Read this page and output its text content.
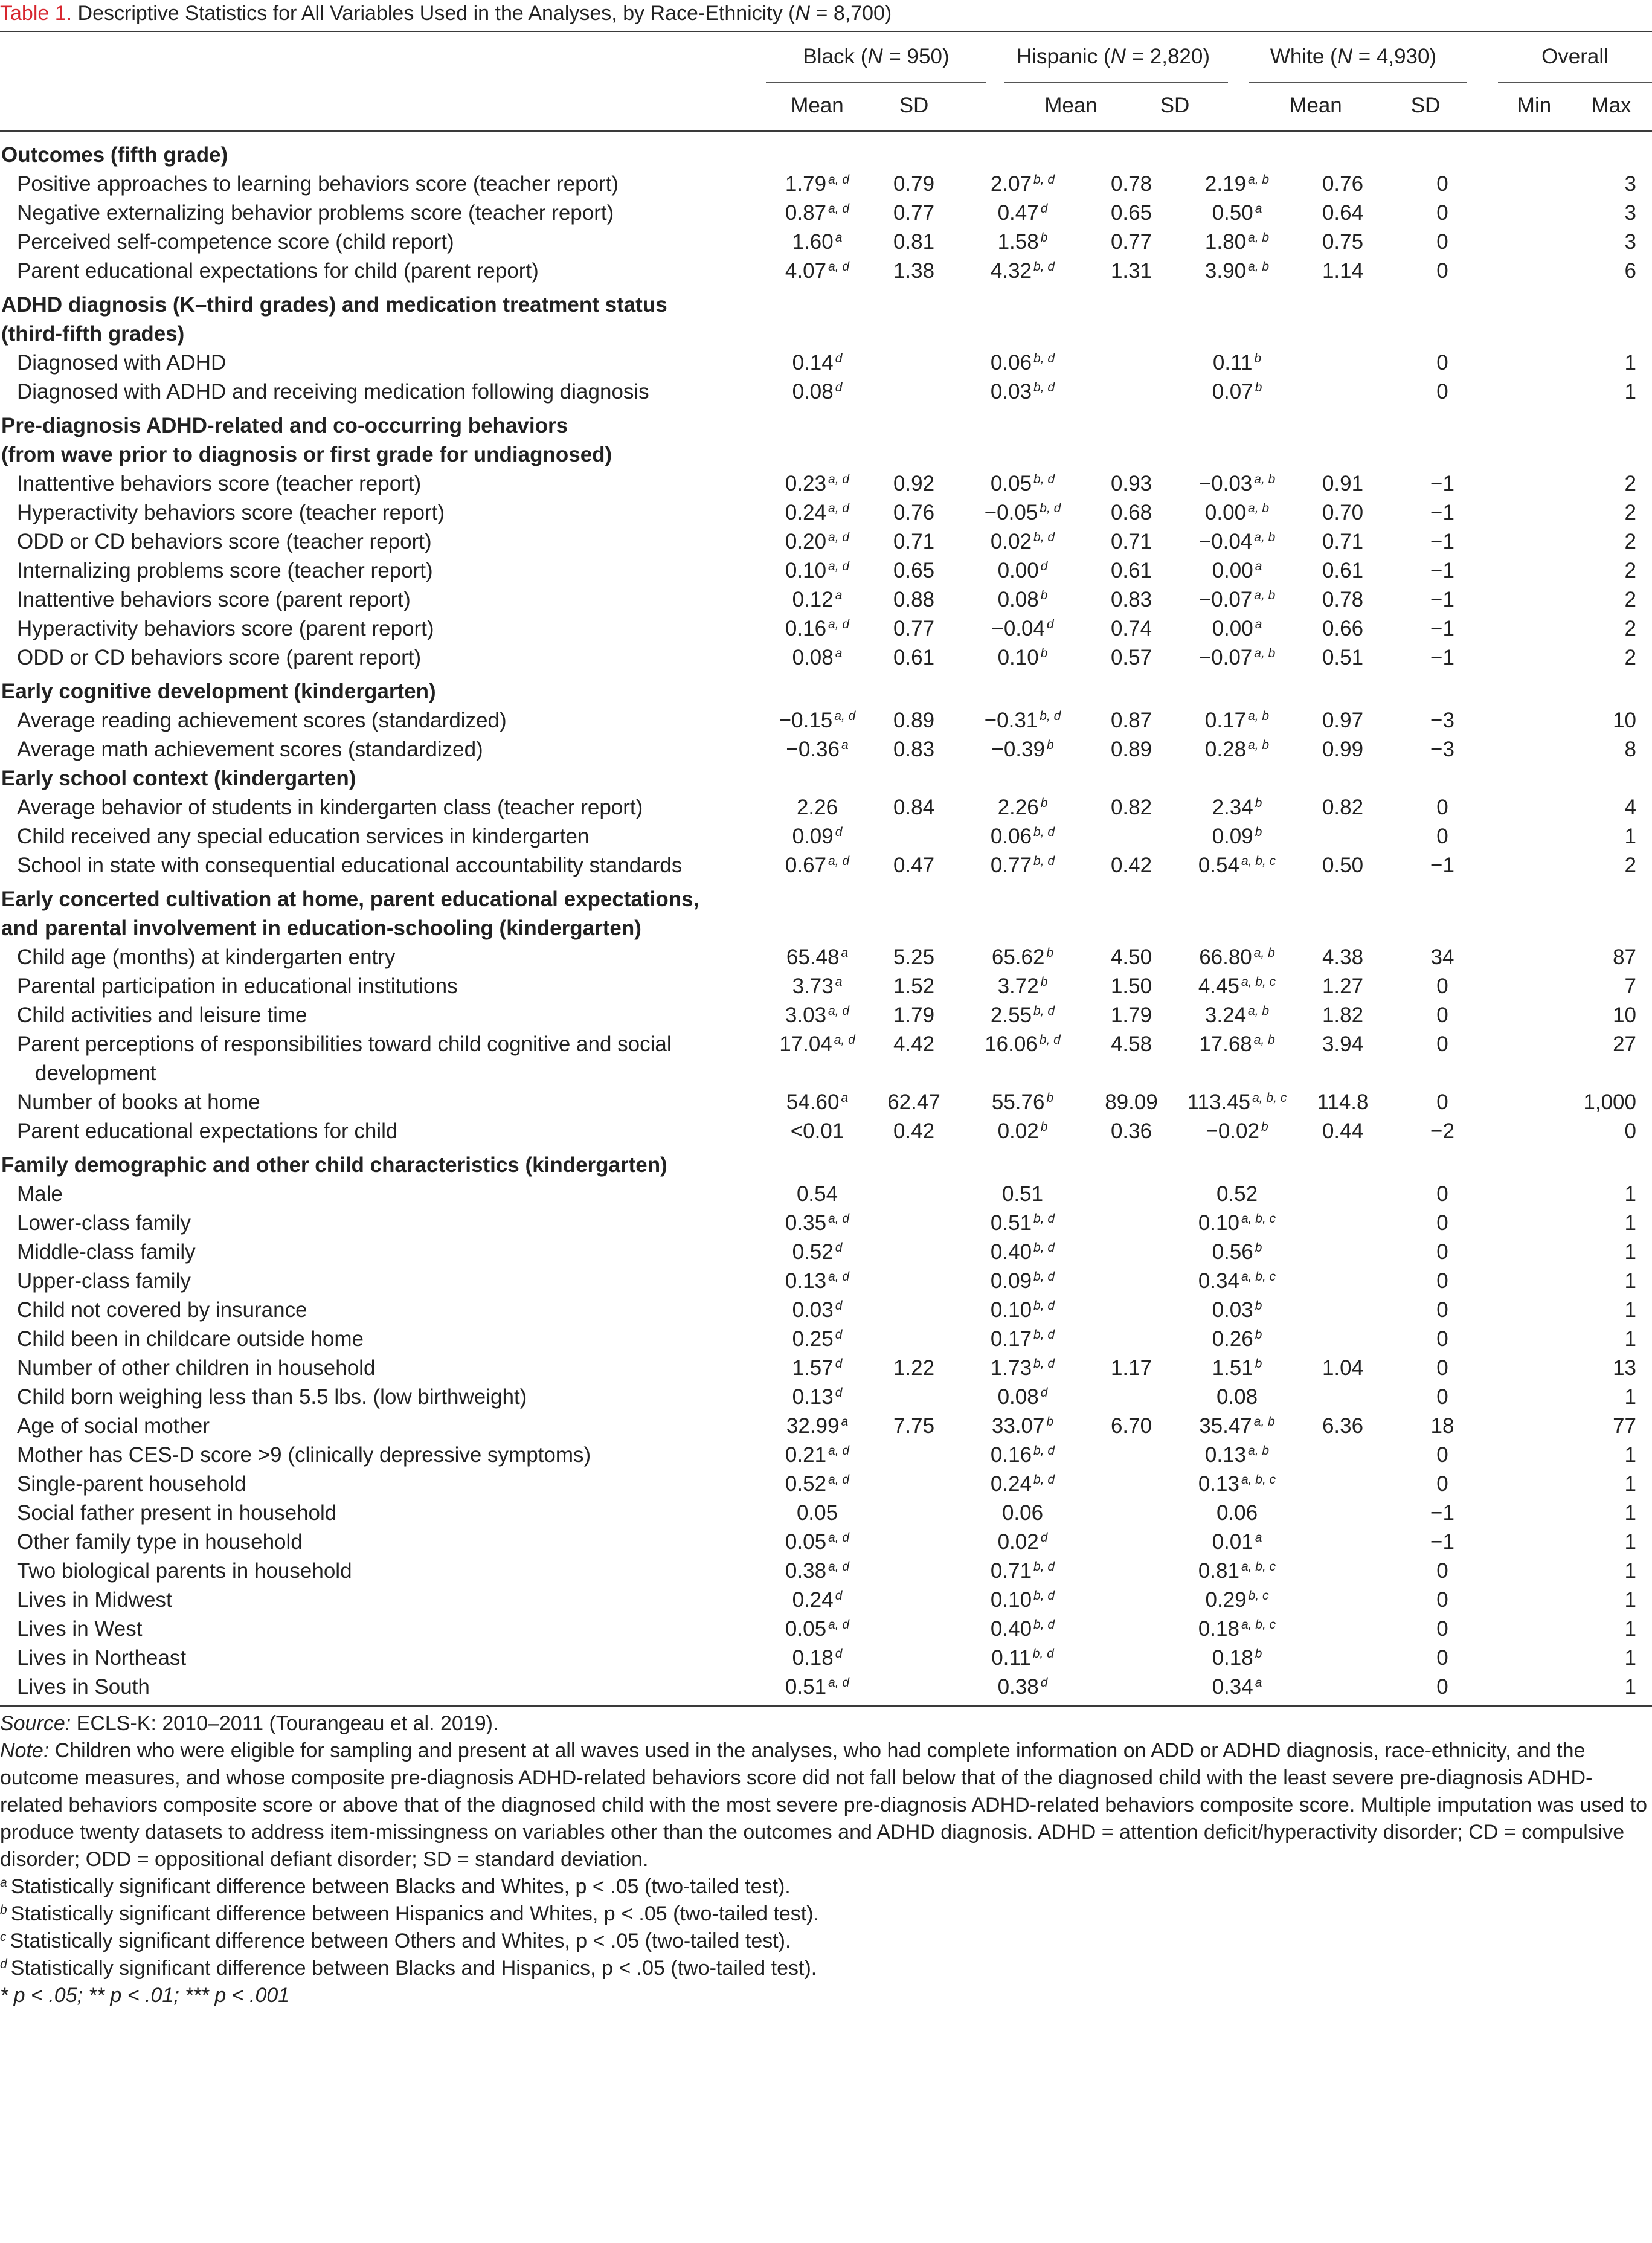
Table 1. Descriptive Statistics for All Variables Used in the Analyses, by Race-Ethnicity (N = 8,700)
Black (N = 950)	Hispanic (N = 2,820)	White (N = 4,930)	Overall
Mean	SD	Mean	SD	Mean	SD	Min	Max
Outcomes (fifth grade)								
Positive approaches to learning behaviors score (teacher report)	1.79 $^{a, d}$	0.79	2.07 $^{b, d}$	0.78	2.19 $^{a, b}$	0.76	0	3
Negative externalizing behavior problems score (teacher report)	0.87 $^{a, d}$	0.77	0.47 $^d$	0.65	0.50 $^a$	0.64	0	3
Perceived self-competence score (child report)	1.60 $^a$	0.81	1.58 $^b$	0.77	1.80 $^{a, b}$	0.75	0	3
Parent educational expectations for child (parent report)	4.07 $^{a, d}$	1.38	4.32 $^{b, d}$	1.31	3.90 $^{a, b}$	1.14	0	6

ADHD diagnosis (K–third grades) and medication treatment status
(third-fifth grades)								

Diagnosed with ADHD	0.14 $^d$		0.06 $^{b, d}$		0.11 $^b$		0	1
Diagnosed with ADHD and receiving medication following diagnosis	0.08 $^d$		0.03 $^{b, d}$		0.07 $^b$		0	1

Pre-diagnosis ADHD-related and co-occurring behaviors
(from wave prior to diagnosis or first grade for undiagnosed)								

Inattentive behaviors score (teacher report)	0.23 $^{a, d}$	0.92	0.05 $^{b, d}$	0.93	−0.03 $^{a, b}$	0.91	−1	2
Hyperactivity behaviors score (teacher report)	0.24 $^{a, d}$	0.76	−0.05 $^{b, d}$	0.68	0.00 $^{a, b}$	0.70	−1	2
ODD or CD behaviors score (teacher report)	0.20 $^{a, d}$	0.71	0.02 $^{b, d}$	0.71	−0.04 $^{a, b}$	0.71	−1	2
Internalizing problems score (teacher report)	0.10 $^{a, d}$	0.65	0.00 $^d$	0.61	0.00 $^a$	0.61	−1	2
Inattentive behaviors score (parent report)	0.12 $^a$	0.88	0.08 $^b$	0.83	−0.07 $^{a, b}$	0.78	−1	2
Hyperactivity behaviors score (parent report)	0.16 $^{a, d}$	0.77	−0.04 $^d$	0.74	0.00 $^a$	0.66	−1	2
ODD or CD behaviors score (parent report)	0.08 $^a$	0.61	0.10 $^b$	0.57	−0.07 $^{a, b}$	0.51	−1	2
Early cognitive development (kindergarten)								
Average reading achievement scores (standardized)	−0.15 $^{a, d}$	0.89	−0.31 $^{b, d}$	0.87	0.17 $^{a, b}$	0.97	−3	10
Average math achievement scores (standardized)	−0.36 $^a$	0.83	−0.39 $^b$	0.89	0.28 $^{a, b}$	0.99	−3	8
Early school context (kindergarten)								
Average behavior of students in kindergarten class (teacher report)	2.26	0.84	2.26 $^b$	0.82	2.34 $^b$	0.82	0	4
Child received any special education services in kindergarten	0.09 $^d$		0.06 $^{b, d}$		0.09 $^b$		0	1
School in state with consequential educational accountability standards	0.67 $^{a, d}$	0.47	0.77 $^{b, d}$	0.42	0.54 $^{a, b, c}$	0.50	−1	2

Early concerted cultivation at home, parent educational expectations,
and parental involvement in education-schooling (kindergarten)								

Child age (months) at kindergarten entry	65.48 $^a$	5.25	65.62 $^b$	4.50	66.80 $^{a, b}$	4.38	34	87
Parental participation in educational institutions	3.73 $^a$	1.52	3.72 $^b$	1.50	4.45 $^{a, b, c}$	1.27	0	7
Child activities and leisure time	3.03 $^{a, d}$	1.79	2.55 $^{b, d}$	1.79	3.24 $^{a, b}$	1.82	0	10

Parent perceptions of responsibilities toward child cognitive and social
development	17.04 $^{a, d}$	4.42	16.06 $^{b, d}$	4.58	17.68 $^{a, b}$	3.94	0	27
Number of books at home	54.60 $^a$	62.47	55.76 $^b$	89.09	113.45 $^{a, b, c}$	114.8	0	1,000
Parent educational expectations for child	<0.01	0.42	0.02 $^b$	0.36	−0.02 $^b$	0.44	−2	0
Family demographic and other child characteristics (kindergarten)								
Male	0.54		0.51		0.52		0	1
Lower-class family	0.35 $^{a, d}$		0.51 $^{b, d}$		0.10 $^{a, b, c}$		0	1
Middle-class family	0.52 $^d$		0.40 $^{b, d}$		0.56 $^b$		0	1
Upper-class family	0.13 $^{a, d}$		0.09 $^{b, d}$		0.34 $^{a, b, c}$		0	1
Child not covered by insurance	0.03 $^d$		0.10 $^{b, d}$		0.03 $^b$		0	1
Child been in childcare outside home	0.25 $^d$		0.17 $^{b, d}$		0.26 $^b$		0	1
Number of other children in household	1.57 $^d$	1.22	1.73 $^{b, d}$	1.17	1.51 $^b$	1.04	0	13
Child born weighing less than 5.5 lbs. (low birthweight)	0.13 $^d$		0.08 $^d$		0.08		0	1
Age of social mother	32.99 $^a$	7.75	33.07 $^b$	6.70	35.47 $^{a, b}$	6.36	18	77
Mother has CES-D score >9 (clinically depressive symptoms)	0.21 $^{a, d}$		0.16 $^{b, d}$		0.13 $^{a, b}$		0	1
Single-parent household	0.52 $^{a, d}$		0.24 $^{b, d}$		0.13 $^{a, b, c}$		0	1
Social father present in household	0.05		0.06		0.06		−1	1
Other family type in household	0.05 $^{a, d}$		0.02 $^d$		0.01 $^a$		−1	1
Two biological parents in household	0.38 $^{a, d}$		0.71 $^{b, d}$		0.81 $^{a, b, c}$		0	1
Lives in Midwest	0.24 $^d$		0.10 $^{b, d}$		0.29 $^{b, c}$		0	1
Lives in West	0.05 $^{a, d}$		0.40 $^{b, d}$		0.18 $^{a, b, c}$		0	1
Lives in Northeast	0.18 $^d$		0.11 $^{b, d}$		0.18 $^b$		0	1
Lives in South	0.51 $^{a, d}$		0.38 $^d$		0.34 $^a$		0	1

Source: ECLS-K: 2010–2011 (Tourangeau et al. 2019).

Note: Children who were eligible for sampling and present at all waves used in the analyses, who had complete information on ADD or ADHD diagnosis, race-ethnicity, and the outcome measures, and whose composite pre-diagnosis ADHD-related behaviors score did not fall below that of the diagnosed child with the least severe pre-diagnosis ADHD-related behaviors composite score or above that of the diagnosed child with the most severe pre-diagnosis ADHD-related behaviors composite score. Multiple imputation was used to produce twenty datasets to address item-missingness on variables other than the outcomes and ADHD diagnosis. ADHD = attention deficit/hyperactivity disorder; CD = compulsive disorder; ODD = oppositional defiant disorder; SD = standard deviation.

$^a$ Statistically significant difference between Blacks and Whites, p < .05 (two-tailed test).

$^b$ Statistically significant difference between Hispanics and Whites, p < .05 (two-tailed test).

$^c$ Statistically significant difference between Others and Whites, p < .05 (two-tailed test).

$^d$ Statistically significant difference between Blacks and Hispanics, p < .05 (two-tailed test).

* p < .05; ** p < .01; *** p < .001
